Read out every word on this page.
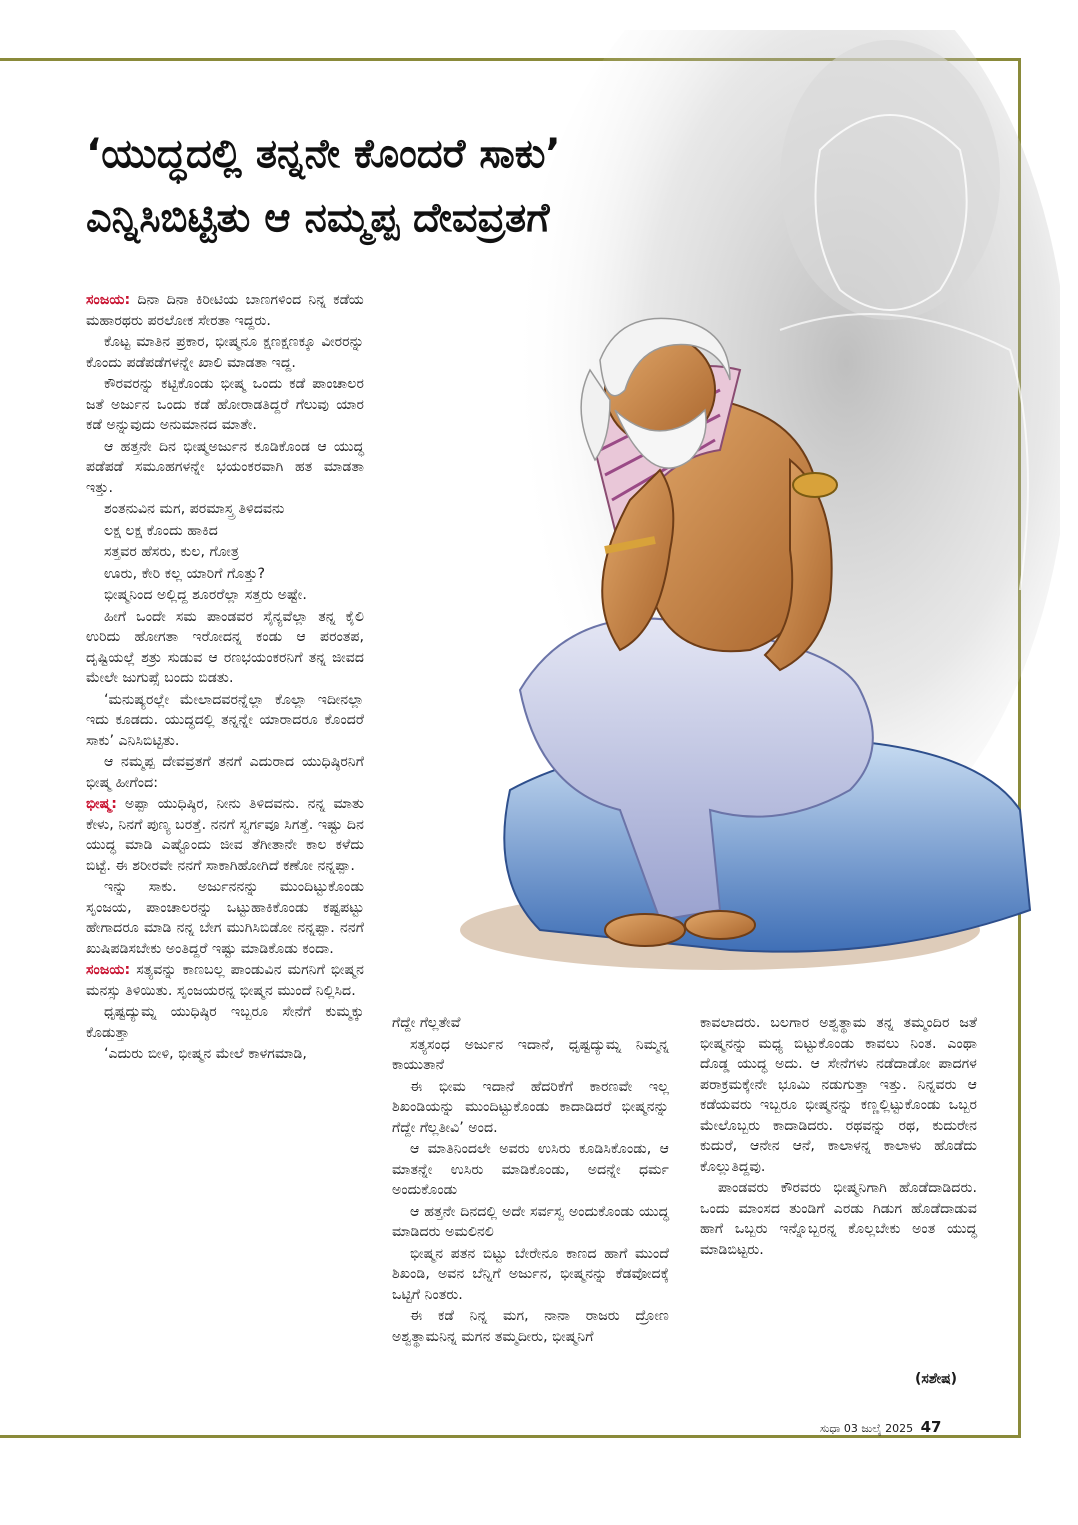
‘ಯುದ್ಧದಲ್ಲಿ ತನ್ನನೇ ಕೊಂದರೆ ಸಾಕು’
ಎನ್ನಿಸಿಬಿಟ್ಟಿತು ಆ ನಮ್ಮಪ್ಪ ದೇವವ್ರತಗೆ

ಸಂಜಯ: ದಿನಾ ದಿನಾ ಕಿರೀಟಿಯ ಬಾಣಗಳಿಂದ ನಿನ್ನ ಕಡೆಯ ಮಹಾರಥರು ಪರಲೋಕ ಸೇರತಾ ಇದ್ದರು.

ಕೊಟ್ಟ ಮಾತಿನ ಪ್ರಕಾರ, ಭೀಷ್ಮನೂ ಕ್ಷಣಕ್ಷಣಕ್ಕೂ ವೀರರನ್ನು ಕೊಂದು ಪಡೆಪಡೆಗಳನ್ನೇ ಖಾಲಿ ಮಾಡತಾ ಇದ್ದ.

ಕೌರವರನ್ನು ಕಟ್ಟಿಕೊಂಡು ಭೀಷ್ಮ ಒಂದು ಕಡೆ ಪಾಂಚಾಲರ ಜತೆ ಅರ್ಜುನ ಒಂದು ಕಡೆ ಹೋರಾಡತಿದ್ದರೆ ಗೆಲುವು ಯಾರ ಕಡೆ ಅನ್ನುವುದು ಅನುಮಾನದ ಮಾತೇ.

ಆ ಹತ್ತನೇ ದಿನ ಭೀಷ್ಮಅರ್ಜುನ ಕೂಡಿಕೊಂಡ ಆ ಯುದ್ಧ ಪಡೆಪಡೆ ಸಮೂಹಗಳನ್ನೇ ಭಯಂಕರವಾಗಿ ಹತ ಮಾಡತಾ ಇತ್ತು.

ಶಂತನುವಿನ ಮಗ, ಪರಮಾಸ್ತ್ರ ತಿಳಿದವನು

ಲಕ್ಷ ಲಕ್ಷ ಕೊಂದು ಹಾಕಿದ

ಸತ್ತವರ ಹೆಸರು, ಕುಲ, ಗೋತ್ರ

ಊರು, ಕೇರಿ ಕಲ್ಲ ಯಾರಿಗೆ ಗೊತ್ತು?

ಭೀಷ್ಮನಿಂದ ಅಲ್ಲಿದ್ದ ಶೂರರೆಲ್ಲಾ ಸತ್ತರು ಅಷ್ಟೇ.

ಹೀಗೆ ಒಂದೇ ಸಮ ಪಾಂಡವರ ಸೈನ್ಯವೆಲ್ಲಾ ತನ್ನ ಕೈಲಿ ಉರಿದು ಹೋಗತಾ ಇರೋದನ್ನ ಕಂಡು ಆ ಪರಂತಪ, ದೃಷ್ಟಿಯಲ್ಲೆ ಶತ್ರು ಸುಡುವ ಆ ರಣಭಯಂಕರನಿಗೆ ತನ್ನ ಜೀವದ ಮೇಲೇ ಜುಗುಪ್ಸೆ ಬಂದು ಬಿಡತು.

‘ಮನುಷ್ಯರಲ್ಲೇ ಮೇಲಾದವರನ್ನೆಲ್ಲಾ ಕೊಲ್ಲಾ ಇದೀನಲ್ಲಾ ಇದು ಕೂಡದು. ಯುದ್ಧದಲ್ಲಿ ತನ್ನನ್ನೇ ಯಾರಾದರೂ ಕೊಂದರೆ ಸಾಕು’ ಎನಿಸಿಬಿಟ್ಟಿತು.

ಆ ನಮ್ಮಪ್ಪ ದೇವವ್ರತಗೆ ತನಗೆ ಎದುರಾದ ಯುಧಿಷ್ಠಿರನಿಗೆ ಭೀಷ್ಮ ಹೀಗೆಂದ:

ಭೀಷ್ಮ: ಅಪ್ಪಾ ಯುಧಿಷ್ಠಿರ, ನೀನು ತಿಳಿದವನು. ನನ್ನ ಮಾತು ಕೇಳು, ನಿನಗೆ ಪುಣ್ಯ ಬರತ್ತೆ. ನನಗೆ ಸ್ವರ್ಗವೂ ಸಿಗತ್ತೆ. ಇಷ್ಟು ದಿನ ಯುದ್ಧ ಮಾಡಿ ಎಷ್ಟೊಂದು ಜೀವ ತೆಗೀತಾನೇ ಕಾಲ ಕಳೆದು ಬಿಟ್ಟೆ. ಈ ಶರೀರವೇ ನನಗೆ ಸಾಕಾಗಿಹೋಗಿದೆ ಕಣೋ ನನ್ನಪ್ಪಾ.

ಇನ್ನು ಸಾಕು. ಅರ್ಜುನನನ್ನು ಮುಂದಿಟ್ಟುಕೊಂಡು ಸೃಂಜಯ, ಪಾಂಚಾಲರನ್ನು ಒಟ್ಟುಹಾಕಿಕೊಂಡು ಕಷ್ಟಪಟ್ಟು ಹೇಗಾದರೂ ಮಾಡಿ ನನ್ನ ಬೇಗ ಮುಗಿಸಿಬಿಡೋ ನನ್ನಪ್ಪಾ. ನನಗೆ ಖುಷಿಪಡಿಸಬೇಕು ಅಂತಿದ್ದರೆ ಇಷ್ಟು ಮಾಡಿಕೊಡು ಕಂದಾ.

ಸಂಜಯ: ಸತ್ಯವನ್ನು ಕಾಣಬಲ್ಲ ಪಾಂಡುವಿನ ಮಗನಿಗೆ ಭೀಷ್ಮನ ಮನಸ್ಸು ತಿಳಿಯಿತು. ಸೃಂಜಯರನ್ನ ಭೀಷ್ಮನ ಮುಂದೆ ನಿಲ್ಲಿಸಿದ.

ಧೃಷ್ಟದ್ಯುಮ್ನ ಯುಧಿಷ್ಠಿರ ಇಬ್ಬರೂ ಸೇನೆಗೆ ಕುಮ್ಮಕ್ಕು ಕೊಡುತ್ತಾ

‘ಎದುರು ಬೀಳಿ, ಭೀಷ್ಮನ ಮೇಲೆ ಕಾಳಗಮಾಡಿ,

ಗೆದ್ದೇ ಗೆಲ್ಲತೇವೆ

ಸತ್ಯಸಂಧ ಅರ್ಜುನ ಇದಾನೆ, ಧೃಷ್ಟದ್ಯುಮ್ನ ನಿಮ್ಮನ್ನ ಕಾಯುತಾನೆ

ಈ ಭೀಮ ಇದಾನೆ ಹೆದರಿಕೆಗೆ ಕಾರಣವೇ ಇಲ್ಲ ಶಿಖಂಡಿಯನ್ನು ಮುಂದಿಟ್ಟುಕೊಂಡು ಕಾದಾಡಿದರೆ ಭೀಷ್ಮನನ್ನು ಗೆದ್ದೇ ಗೆಲ್ಲತೀವಿ’ ಅಂದ.

ಆ ಮಾತಿನಿಂದಲೇ ಅವರು ಉಸಿರು ಕೂಡಿಸಿಕೊಂಡು, ಆ ಮಾತನ್ನೇ ಉಸಿರು ಮಾಡಿಕೊಂಡು, ಅದನ್ನೇ ಧರ್ಮ ಅಂದುಕೊಂಡು

ಆ ಹತ್ತನೇ ದಿನದಲ್ಲಿ ಅದೇ ಸರ್ವಸ್ವ ಅಂದುಕೊಂಡು ಯುದ್ಧ ಮಾಡಿದರು ಅಮಲಿನಲಿ

ಭೀಷ್ಮನ ಪತನ ಬಿಟ್ಟು ಬೇರೇನೂ ಕಾಣದ ಹಾಗೆ ಮುಂದೆ ಶಿಖಂಡಿ, ಅವನ ಬೆನ್ನಿಗೆ ಅರ್ಜುನ, ಭೀಷ್ಮನನ್ನು ಕೆಡವೋದಕ್ಕೆ ಒಟ್ಟಿಗೆ ನಿಂತರು.

ಈ ಕಡೆ ನಿನ್ನ ಮಗ, ನಾನಾ ರಾಜರು ದ್ರೋಣ ಅಶ್ವತ್ಥಾಮನಿನ್ನ ಮಗನ ತಮ್ಮದೀರು, ಭೀಷ್ಮನಿಗೆ

ಕಾವಲಾದರು. ಬಲಗಾರ ಅಶ್ವತ್ಥಾಮ ತನ್ನ ತಮ್ಮಂದಿರ ಜತೆ ಭೀಷ್ಮನನ್ನು ಮಧ್ಯ ಬಿಟ್ಟುಕೊಂಡು ಕಾವಲು ನಿಂತ. ಎಂಥಾ ದೊಡ್ಡ ಯುದ್ಧ ಅದು. ಆ ಸೇನೆಗಳು ನಡೆದಾಡೋ ಪಾದಗಳ ಪರಾಕ್ರಮಕ್ಕೇನೇ ಭೂಮಿ ನಡುಗುತ್ತಾ ಇತ್ತು. ನಿನ್ನವರು ಆ ಕಡೆಯವರು ಇಬ್ಬರೂ ಭೀಷ್ಮನನ್ನು ಕಣ್ಣಲ್ಲಿಟ್ಟುಕೊಂಡು ಒಬ್ಬರ ಮೇಲೊಬ್ಬರು ಕಾದಾಡಿದರು. ರಥವನ್ನು ರಥ, ಕುದುರೇನ ಕುದುರೆ, ಆನೇನ ಆನೆ, ಕಾಲಾಳನ್ನ ಕಾಲಾಳು ಹೊಡೆದು ಕೊಲ್ಲುತಿದ್ದವು.

ಪಾಂಡವರು ಕೌರವರು ಭೀಷ್ಮನಿಗಾಗಿ ಹೊಡೆದಾಡಿದರು. ಒಂದು ಮಾಂಸದ ತುಂಡಿಗೆ ಎರಡು ಗಿಡುಗ ಹೊಡೆದಾಡುವ ಹಾಗೆ ಒಬ್ಬರು ಇನ್ನೊಬ್ಬರನ್ನ ಕೊಲ್ಲಬೇಕು ಅಂತ ಯುದ್ಧ ಮಾಡಿಬಿಟ್ಟರು.

(ಸಶೇಷ)
ಸುಧಾ 03 ಜುಲೈ 2025 47
